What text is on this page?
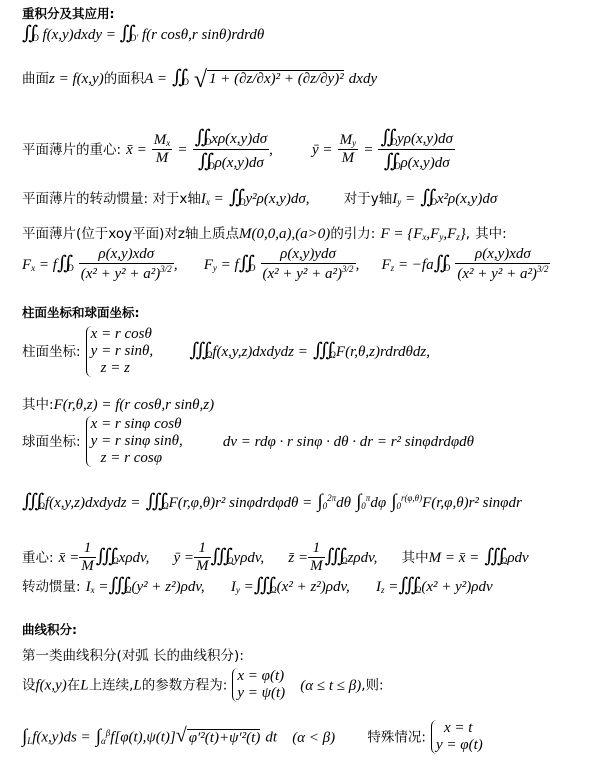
重积分及其应用:
$∬_D$ f(x,y)dxdy = $∬_{D'}$ f(r cosθ,r sinθ)rdrdθ
曲面z = f(x,y)的面积$A = ∬_D$ √ 1 + (∂z/∂x)² + (∂z/∂y)² dxdy
平面薄片的重心: x̄ = $\frac{M_x}{M}$ =
$∬_Dx\rho(x,y)d\sigma$
$∬_D\rho(x,y)d\sigma$
,	ȳ = $\frac{M_y}{M}$ =
$∬_Dy\rho(x,y)d\sigma$
$∬_D\rho(x,y)d\sigma$
平面薄片的转动惯量: 对于x轴$I_x$ = $∬_Dy^2\rho(x,y)d\sigma$,	对于y轴$I_y$ = $∬_Dx^2\rho(x,y)d\sigma$
平面薄片(位于xoy平面)对z轴上质点M(0,0,a),(a>0)的引力: $F = \{F_x,F_y,F_z\}$, 其中:
$F_x$ = $f∬_D$
ρ(x,y)xdσ
$(x^2 + y^2 + a^2)^{3/2}$ , $F_y$ = $f∬_D$
ρ(x,y)ydσ
$(x^2 + y^2 + a^2)^{3/2}$ , $F_z$ = $-fa∬_D$
ρ(x,y)xdσ
$(x^2 + y^2 + a^2)^{3/2}$
柱面坐标和球面坐标:
柱面坐标:
x = r cosθ
y = r sinθ,
z = z
$∭_\Omega f(x,y,z)dxdydz$ = $∭_\Omega F(r,\theta,z)rdrd\theta dz$,
其中:F(r,θ,z) = f(r cosθ,r sinθ,z)
球面坐标:
x = r sinφ cosθ
y = r sinφ sinθ,
z = r cosφ
dv = rdφ · r sinφ · dθ · dr = r² sinφdrdφdθ
$∭_\Omega f(x,y,z)dxdydz$ = $∭_\Omega F(r,\varphi,\theta)r^2$ $\sin\varphi drd\varphi d\theta = \int_0^{2\pi}d\theta$ $\int_0^\pi d\varphi$ $\int_0^{r(\varphi,\theta)}F(r,\varphi,\theta)r^2$ sinφdr
重心: x̄ = $\frac{1}{M}$ $∭_\Omega x\rho dv$, ȳ = $\frac{1}{M}$ $∭_\Omega y\rho dv$, z̄ = $\frac{1}{M}$ $∭_\Omega z\rho dv$, 其中M = x̄ = $∭_\Omega\rho dv$
转动惯量: $I_x$ $=∭_\Omega(y^2 + z^2)\rho dv$, $I_y$ $=∭_\Omega(x^2 + z^2)\rho dv$, $I_z$ $=∭_\Omega(x^2 + y^2)\rho dv$
曲线积分:
第一类曲线积分(对弧 长的曲线积分):
设f(x,y)在L上连续,L的参数方程为:
x = φ(t)
y = ψ(t) (α ≤ t ≤ β),则:
$\int_Lf(x,y)ds = \int_\alpha^\beta f[\varphi(t),\psi(t)]√$ φ′²(t)+ψ′²(t) dt (α < β) 特殊情况:
x = t
y = φ(t)
